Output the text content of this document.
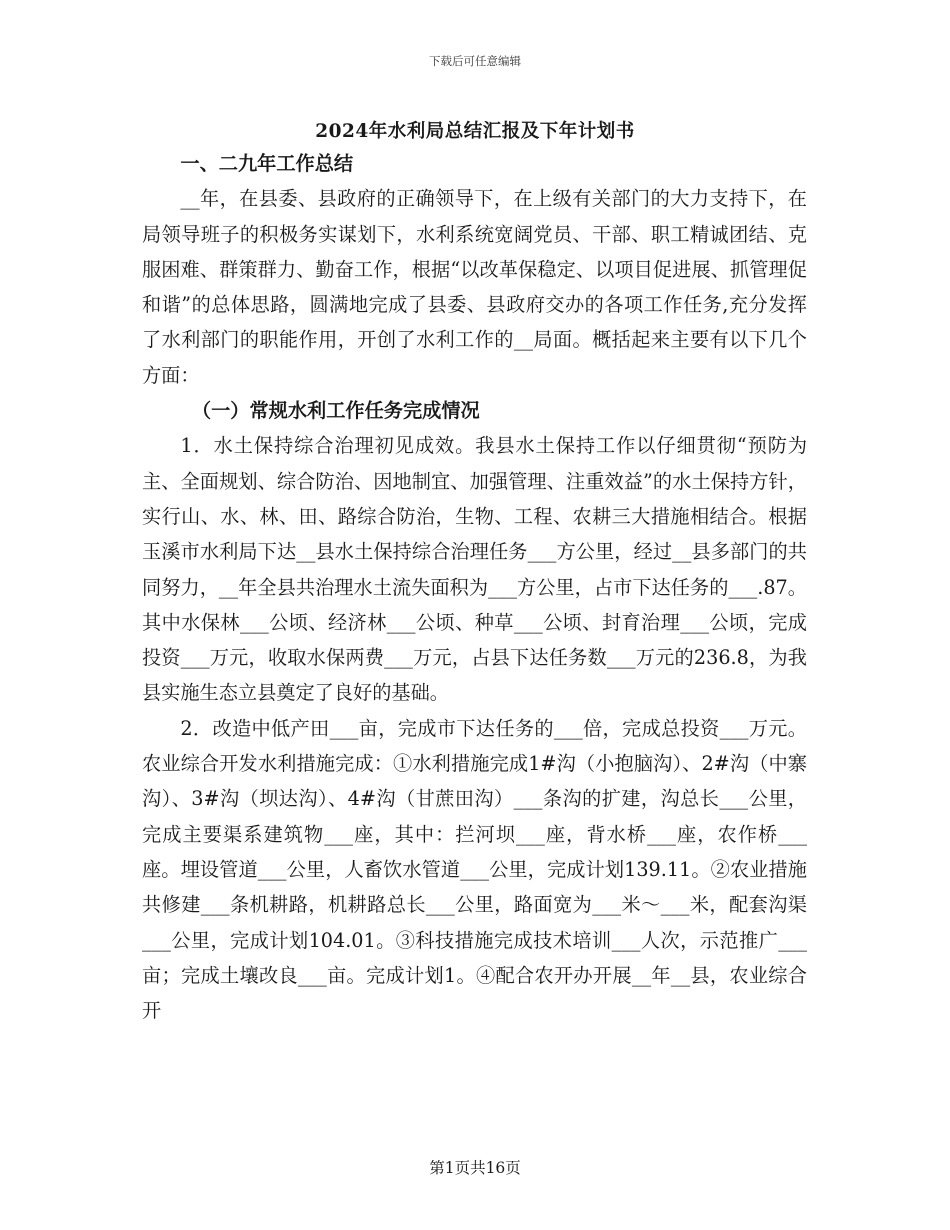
下载后可任意编辑
2024年水利局总结汇报及下年计划书

一、二九年工作总结

__年，在县委、县政府的正确领导下，在上级有关部门的大力支持下，在局领导班子的积极务实谋划下，水利系统宽阔党员、干部、职工精诚团结、克服困难、群策群力、勤奋工作，根据“以改革保稳定、以项目促进展、抓管理促和谐”的总体思路，圆满地完成了县委、县政府交办的各项工作任务,充分发挥了水利部门的职能作用，开创了水利工作的__局面。概括起来主要有以下几个方面：

（一）常规水利工作任务完成情况

1．水土保持综合治理初见成效。我县水土保持工作以仔细贯彻“预防为主、全面规划、综合防治、因地制宜、加强管理、注重效益”的水土保持方针，实行山、水、林、田、路综合防治，生物、工程、农耕三大措施相结合。根据玉溪市水利局下达__县水土保持综合治理任务___方公里，经过__县多部门的共同努力，__年全县共治理水土流失面积为___方公里，占市下达任务的___.87。其中水保林___公顷、经济林___公顷、种草___公顷、封育治理___公顷，完成投资___万元，收取水保两费___万元，占县下达任务数___万元的236.8，为我县实施生态立县奠定了良好的基础。

2．改造中低产田___亩，完成市下达任务的___倍，完成总投资___万元。农业综合开发水利措施完成：①水利措施完成1#沟（小抱脑沟）、2#沟（中寨沟）、3#沟（坝达沟）、4#沟（甘蔗田沟）___条沟的扩建，沟总长___公里，完成主要渠系建筑物___座，其中：拦河坝___座，背水桥___座，农作桥___座。埋设管道___公里，人畜饮水管道___公里，完成计划139.11。②农业措施共修建___条机耕路，机耕路总长___公里，路面宽为___米～___米，配套沟渠___公里，完成计划104.01。③科技措施完成技术培训___人次，示范推广___亩；完成土壤改良___亩。完成计划1。④配合农开办开展__年__县，农业综合开

第1页共16页
